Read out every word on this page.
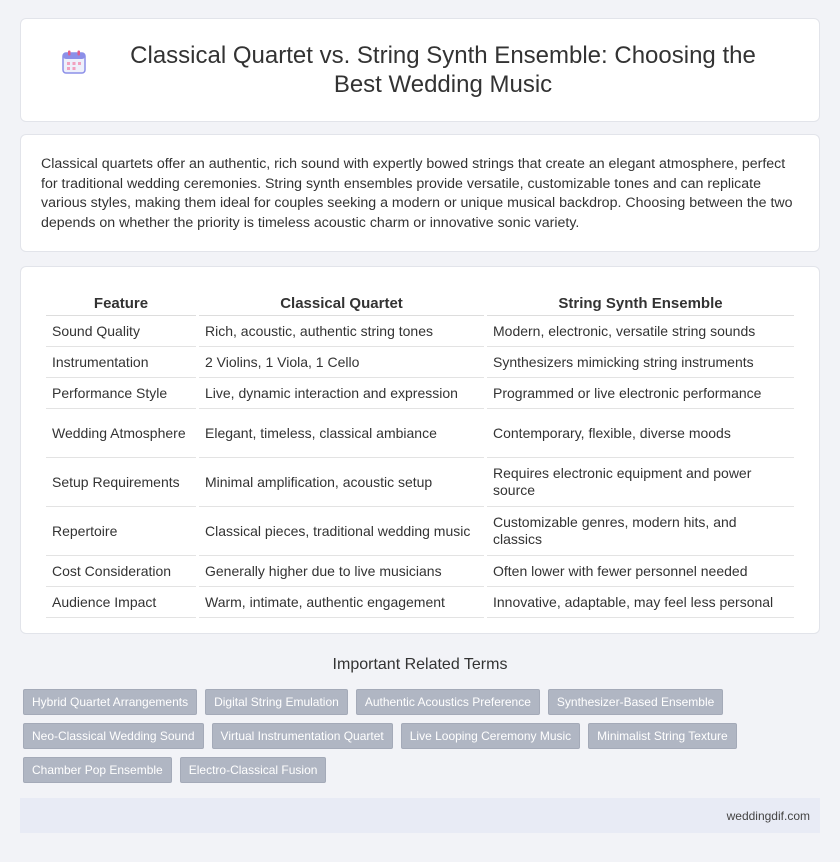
Classical Quartet vs. String Synth Ensemble: Choosing the Best Wedding Music

Classical quartets offer an authentic, rich sound with expertly bowed strings that create an elegant atmosphere, perfect for traditional wedding ceremonies. String synth ensembles provide versatile, customizable tones and can replicate various styles, making them ideal for couples seeking a modern or unique musical backdrop. Choosing between the two depends on whether the priority is timeless acoustic charm or innovative sonic variety.

Feature	Classical Quartet	String Synth Ensemble
Sound Quality	Rich, acoustic, authentic string tones	Modern, electronic, versatile string sounds
Instrumentation	2 Violins, 1 Viola, 1 Cello	Synthesizers mimicking string instruments
Performance Style	Live, dynamic interaction and expression	Programmed or live electronic performance
Wedding Atmosphere	Elegant, timeless, classical ambiance	Contemporary, flexible, diverse moods
Setup Requirements	Minimal amplification, acoustic setup	Requires electronic equipment and power source
Repertoire	Classical pieces, traditional wedding music	Customizable genres, modern hits, and classics
Cost Consideration	Generally higher due to live musicians	Often lower with fewer personnel needed
Audience Impact	Warm, intimate, authentic engagement	Innovative, adaptable, may feel less personal
Important Related Terms
Hybrid Quartet Arrangements	Digital String Emulation	Authentic Acoustics Preference	Synthesizer-Based Ensemble
Neo-Classical Wedding Sound	Virtual Instrumentation Quartet	Live Looping Ceremony Music	Minimalist String Texture
Chamber Pop Ensemble	Electro-Classical Fusion
weddingdif.com
